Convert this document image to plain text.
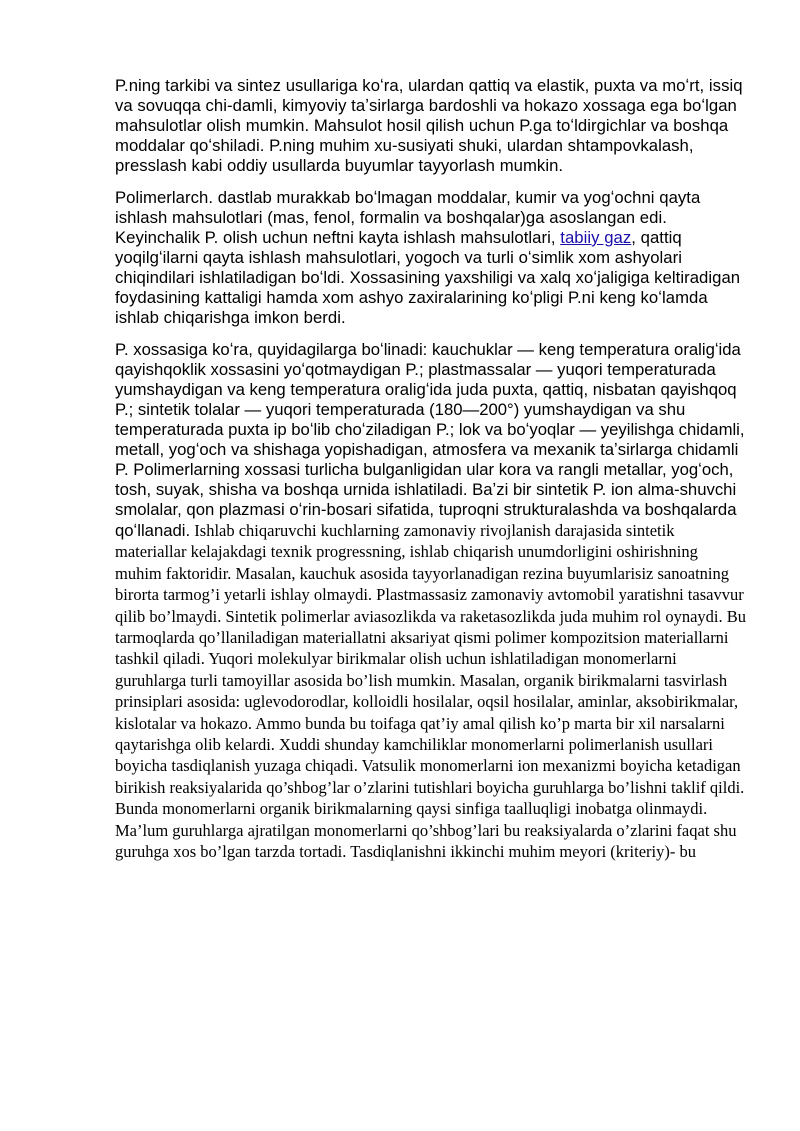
P.ning tarkibi va sintez usullariga koʻra, ulardan qattiq va elastik, puxta va moʻrt, issiq va sovuqqa chi-damli, kimyoviy taʼsirlarga bardoshli va hokazo xossaga ega boʻlgan mahsulotlar olish mumkin. Mahsulot hosil qilish uchun P.ga toʻldirgichlar va boshqa moddalar qoʻshiladi. P.ning muhim xu-susiyati shuki, ulardan shtampovkalash, presslash kabi oddiy usullarda buyumlar tayyorlash mumkin.

Polimerlarch. dastlab murakkab boʻlmagan moddalar, kumir va yogʻochni qayta ishlash mahsulotlari (mas, fenol, formalin va boshqalar)ga asoslangan edi. Keyinchalik P. olish uchun neftni kayta ishlash mahsulotlari, tabiiy gaz, qattiq yoqilgʻilarni qayta ishlash mahsulotlari, yogoch va turli oʻsimlik xom ashyolari chiqindilari ishlatiladigan boʻldi. Xossasining yaxshiligi va xalq xoʻjaligiga keltiradigan foydasining kattaligi hamda xom ashyo zaxiralarining koʻpligi P.ni keng koʻlamda ishlab chiqarishga imkon berdi.

P. xossasiga koʻra, quyidagilarga boʻlinadi: kauchuklar — keng temperatura oraligʻida qayishqoklik xossasini yoʻqotmaydigan P.; plastmassalar — yuqori temperaturada yumshaydigan va keng temperatura oraligʻida juda puxta, qattiq, nisbatan qayishqoq P.; sintetik tolalar — yuqori temperaturada (180—200°) yumshaydigan va shu temperaturada puxta ip boʻlib choʻziladigan P.; lok va boʻyoqlar — yeyilishga chidamli, metall, yogʻoch va shishaga yopishadigan, atmosfera va mexanik taʼsirlarga chidamli P. Polimerlarning xossasi turlicha bulganligidan ular kora va rangli metallar, yogʻoch, tosh, suyak, shisha va boshqa urnida ishlatiladi. Baʼzi bir sintetik P. ion alma-shuvchi smolalar, qon plazmasi oʻrin-bosari sifatida, tuproqni strukturalashda va boshqalarda qoʻllanadi. Ishlab chiqaruvchi kuchlarning zamonaviy rivojlanish darajasida sintetik materiallar kelajakdagi texnik progressning, ishlab chiqarish unumdorligini oshirishning muhim faktoridir. Masalan, kauchuk asosida tayyorlanadigan rezina buyumlarisiz sanoatning birorta tarmog’i yetarli ishlay olmaydi. Plastmassasiz zamonaviy avtomobil yaratishni tasavvur qilib bo’lmaydi. Sintetik polimerlar aviasozlikda va raketasozlikda juda muhim rol oynaydi. Bu tarmoqlarda qo’llaniladigan materiallatni aksariyat qismi polimer kompozitsion materiallarni tashkil qiladi. Yuqori molekulyar birikmalar olish uchun ishlatiladigan monomerlarni guruhlarga turli tamoyillar asosida bo’lish mumkin. Masalan, organik birikmalarni tasvirlash prinsiplari asosida: uglevodorodlar, kolloidli hosilalar, oqsil hosilalar, aminlar, aksobirikmalar, kislotalar va hokazo. Ammo bunda bu toifaga qat’iy amal qilish ko’p marta bir xil narsalarni qaytarishga olib kelardi. Xuddi shunday kamchiliklar monomerlarni polimerlanish usullari boyicha tasdiqlanish yuzaga chiqadi. Vatsulik monomerlarni ion mexanizmi boyicha ketadigan birikish reaksiyalarida qo’shbog’lar o’zlarini tutishlari boyicha guruhlarga bo’lishni taklif qildi. Bunda monomerlarni organik birikmalarning qaysi sinfiga taalluqligi inobatga olinmaydi. Ma’lum guruhlarga ajratilgan monomerlarni qo’shbog’lari bu reaksiyalarda o’zlarini faqat shu guruhga xos bo’lgan tarzda tortadi. Tasdiqlanishni ikkinchi muhim meyori (kriteriy)- bu
